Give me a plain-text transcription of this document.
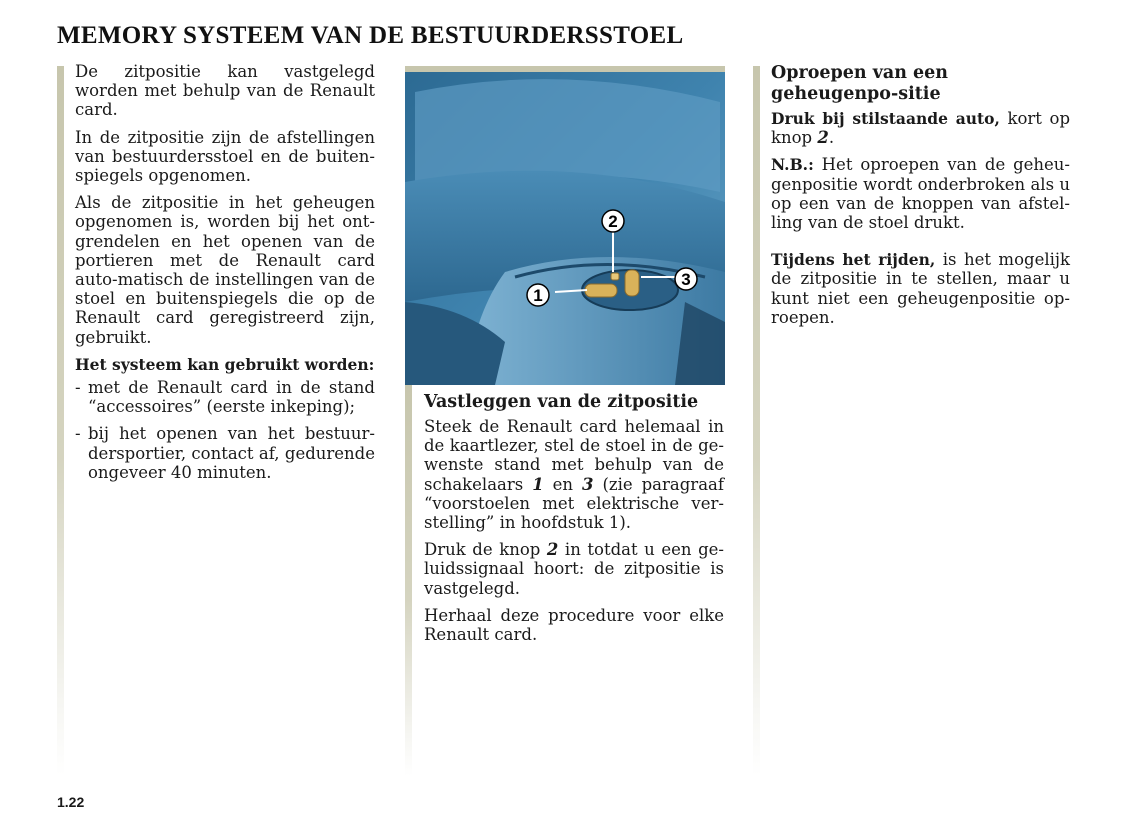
MEMORY SYSTEEM VAN DE BESTUURDERSSTOEL

De zitpositie kan vastgelegd worden met behulp van de Renault card.

In de zitpositie zijn de afstellingen van bestuurdersstoel en de buiten-spiegels opgenomen.

Als de zitpositie in het geheugen opgenomen is, worden bij het ont-grendelen en het openen van de portieren met de Renault card auto-matisch de instellingen van de stoel en buitenspiegels die op de Renault card geregistreerd zijn, gebruikt.

Het systeem kan gebruikt worden:

- met de Renault card in de stand “accessoires” (eerste inkeping);
- bij het openen van het bestuur-dersportier, contact af, gedurende ongeveer 40 minuten.
2
3
1

Vastleggen van de zitpositie

Steek de Renault card helemaal in de kaartlezer, stel de stoel in de ge-wenste stand met behulp van de schakelaars 1 en 3 (zie paragraaf “voorstoelen met elektrische ver-stelling” in hoofdstuk 1).

Druk de knop 2 in totdat u een ge-luidssignaal hoort: de zitpositie is vastgelegd.

Herhaal deze procedure voor elke Renault card.

Oproepen van een geheugenpo-sitie

Druk bij stilstaande auto, kort op knop 2.

N.B.: Het oproepen van de geheu-genpositie wordt onderbroken als u op een van de knoppen van afstel-ling van de stoel drukt.

Tijdens het rijden, is het mogelijk de zitpositie in te stellen, maar u kunt niet een geheugenpositie op-roepen.

1.22
